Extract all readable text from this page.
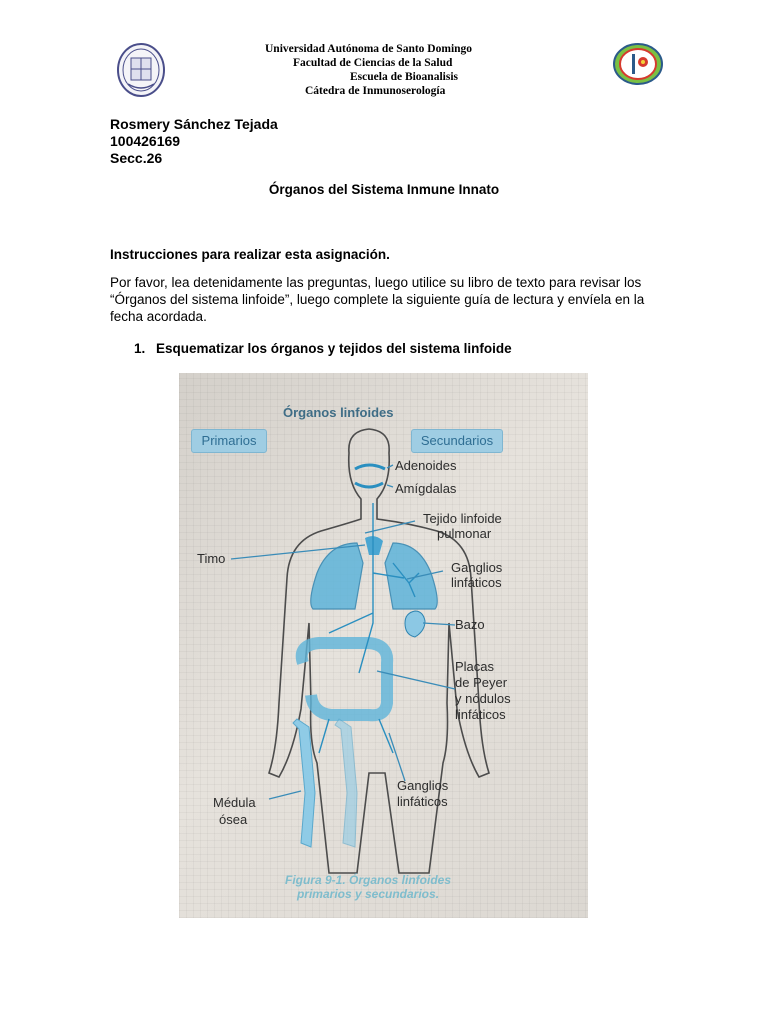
Universidad Autónoma de Santo Domingo
Facultad de Ciencias de la Salud
Escuela de Bioanalisis
Cátedra de Inmunoserología
Rosmery Sánchez Tejada
100426169
Secc.26
Órganos del Sistema Inmune Innato
Instrucciones para realizar esta asignación.
Por favor, lea detenidamente las preguntas, luego utilice su libro de texto para revisar los “Órganos del sistema linfoide”, luego complete la siguiente guía de lectura y envíela en la fecha acordada.
1. Esquematizar los órganos y tejidos del sistema linfoide
Órganos linfoides
Primarios	Secundarios
Adenoides
Amígdalas
Tejido linfoide
pulmonar
Timo
Ganglios
linfáticos
Bazo
Placas
de Peyer
y nódulos
linfáticos
Ganglios
linfáticos
Médula
ósea
Figura 9-1. Órganos linfoides
primarios y secundarios.
